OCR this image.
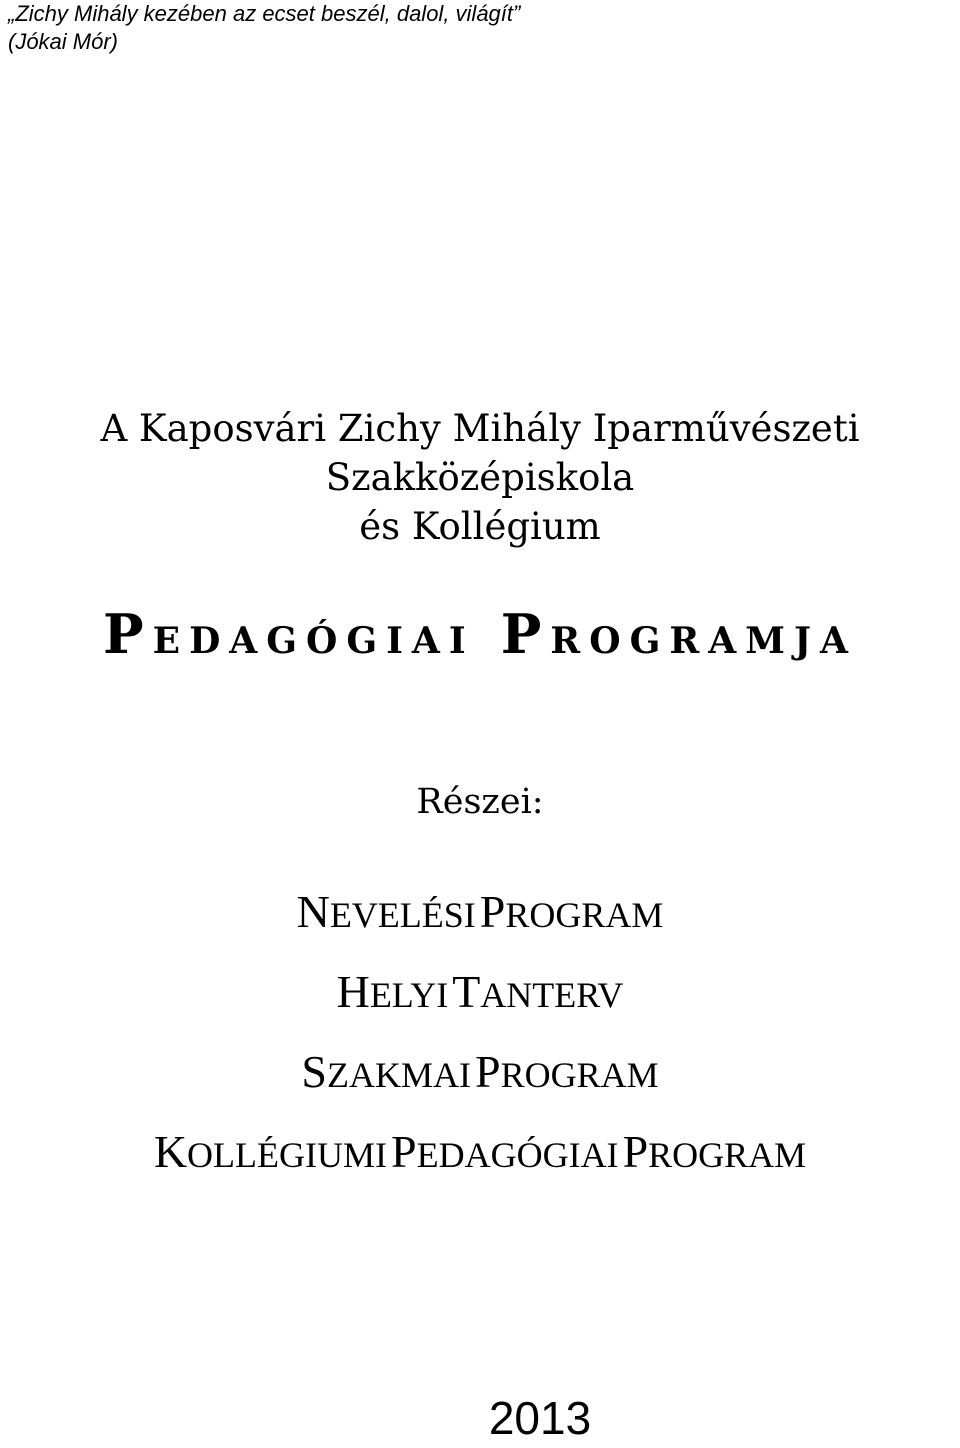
„Zichy Mihály kezében az ecset beszél, dalol, világít”
(Jókai Mór)
A Kaposvári Zichy Mihály Iparművészeti
Szakközépiskola
és Kollégium
PEDAGÓGIAI PROGRAMJA
Részei:
NEVELÉSI PROGRAM
HELYI TANTERV
SZAKMAI PROGRAM
KOLLÉGIUMI PEDAGÓGIAI PROGRAM
2013
